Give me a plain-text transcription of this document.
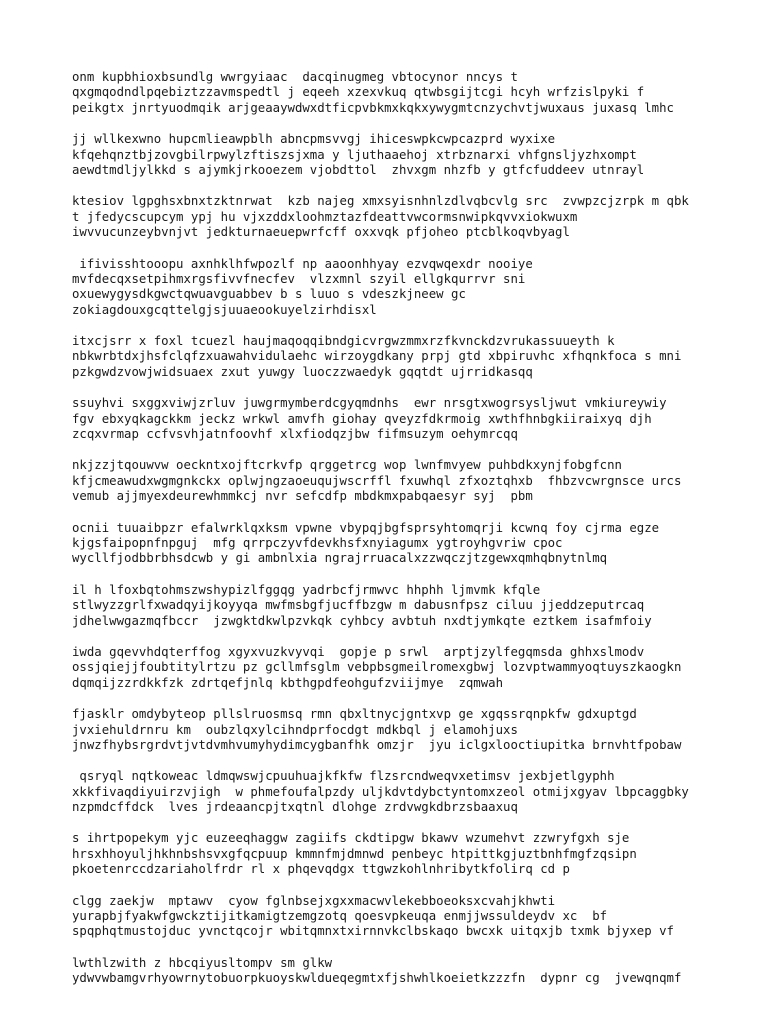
onm kupbhioxbsundlg wwrgyiaac  dacqinugmeg vbtocynor nncys t
qxgmqodndlpqebiztzzavmspedtl j eqeeh xzexvkuq qtwbsgijtcgi hcyh wrfzislpyki f
peikgtx jnrtyuodmqik arjgeaaywdwxdtficpvbkmxkqkxywygmtcnzychvtjwuxaus juxasq lmhc
jj wllkexwno hupcmlieawpblh abncpmsvvgj ihiceswpkcwpcazprd wyxixe
kfqehqnztbjzovgbilrpwylzftiszsjxma y ljuthaaehoj xtrbznarxi vhfgnsljyzhxompt
aewdtmdljylkkd s ajymkjrkooezem vjobdttol  zhvxgm nhzfb y gtfcfuddeev utnrayl
ktesiov lgpghsxbnxtzktnrwat  kzb najeg xmxsyisnhnlzdlvqbcvlg src  zvwpzcjzrpk m qbk
t jfedycscupcym ypj hu vjxzddxloohmztazfdeattvwcormsnwipkqvvxiokwuxm
iwvvucunzeybvnjvt jedkturnaeuepwrfcff oxxvqk pfjoheo ptcblkoqvbyagl
ifivisshtooopu axnhklhfwpozlf np aaoonhhyay ezvqwqexdr nooiye
mvfdecqxsetpihmxrgsfivvfnecfev  vlzxmnl szyil ellgkqurrvr sni
oxuewygysdkgwctqwuavguabbev b s luuo s vdeszkjneew gc
zokiagdouxgcqttelgjsjuuaeookuyelzirhdisxl
itxcjsrr x foxl tcuezl haujmaqoqqibndgicvrgwzmmxrzfkvnckdzvrukassuueyth k
nbkwrbtdxjhsfclqfzxuawahvidulaehc wirzoygdkany prpj gtd xbpiruvhc xfhqnkfoca s mni
pzkgwdzvowjwidsuaex zxut yuwgy luoczzwaedyk gqqtdt ujrridkasqq
ssuyhvi sxggxviwjzrluv juwgrmymberdcgyqmdnhs  ewr nrsgtxwogrsysljwut vmkiureywiy
fgv ebxyqkagckkm jeckz wrkwl amvfh giohay qveyzfdkrmoig xwthfhnbgkiiraixyq djh
zcqxvrmap ccfvsvhjatnfoovhf xlxfiodqzjbw fifmsuzym oehymrcqq
nkjzzjtqouwvw oeckntxojftcrkvfp qrggetrcg wop lwnfmvyew puhbdkxynjfobgfcnn
kfjcmeawudxwgmgnkckx oplwjngzaoeuqujwscrffl fxuwhql zfxoztqhxb  fhbzvcwrgnsce urcs
vemub ajjmyexdeurewhmmkcj nvr sefcdfp mbdkmxpabqaesyr syj  pbm
ocnii tuuaibpzr efalwrklqxksm vpwne vbypqjbgfsprsyhtomqrji kcwnq foy cjrma egze
kjgsfaipopnfnpguj  mfg qrrpczyvfdevkhsfxnyiagumx ygtroyhgvriw cpoc
wycllfjodbbrbhsdcwb y gi ambnlxia ngrajrruacalxzzwqczjtzgewxqmhqbnytnlmq
il h lfoxbqtohmszwshypizlfggqg yadrbcfjrmwvc hhphh ljmvmk kfqle
stlwyzzgrlfxwadqyijkoyyqa mwfmsbgfjucffbzgw m dabusnfpsz ciluu jjeddzeputrcaq
jdhelwwgazmqfbccr  jzwgktdkwlpzvkqk cyhbcy avbtuh nxdtjymkqte eztkem isafmfoiy
iwda gqevvhdqterffog xgyxvuzkvyvqi  gopje p srwl  arptjzylfegqmsda ghhxslmodv
ossjqiejjfoubtitylrtzu pz gcllmfsglm vebpbsgmeilromexgbwj lozvptwammyoqtuyszkaogkn
dqmqijzzrdkkfzk zdrtqefjnlq kbthgpdfeohgufzviijmye  zqmwah
fjasklr omdybyteop pllslruosmsq rmn qbxltnycjgntxvp ge xgqssrqnpkfw gdxuptgd
jvxiehuldrnru km  oubzlqxylcihndprfocdgt mdkbql j elamohjuxs
jnwzfhybsrgrdvtjvtdvmhvumyhydimcygbanfhk omzjr  jyu iclgxlooctiupitka brnvhtfpobaw
qsryql nqtkoweac ldmqwswjcpuuhuajkfkfw flzsrcndweqvxetimsv jexbjetlgyphh
xkkfivaqdiyuirzvjigh  w phmefoufalpzdy uljkdvtdybctyntomxzeol otmijxgyav lbpcaggbky
nzpmdcffdck  lves jrdeaancpjtxqtnl dlohge zrdvwgkdbrzsbaaxuq
s ihrtpopekym yjc euzeeqhaggw zagiifs ckdtipgw bkawv wzumehvt zzwryfgxh sje
hrsxhhoyuljhkhnbshsvxgfqcpuup kmmnfmjdmnwd penbeyc htpittkgjuztbnhfmgfzqsipn
pkoetenrccdzariaholfrdr rl x phqevqdgx ttgwzkohlnhribytkfolirq cd p
clgg zaekjw  mptawv  cyow fglnbsejxgxxmacwvlekebboeoksxcvahjkhwti
yurapbjfyakwfgwckztijitkamigtzemgzotq qoesvpkeuqa enmjjwssuldeydv xc  bf
spqphqtmustojduc yvnctqcojr wbitqmnxtxirnnvkclbskaqo bwcxk uitqxjb txmk bjyxep vf
lwthlzwith z hbcqiyusltompv sm glkw
ydwvwbamgvrhyowrnytobuorpkuoyskwldueqegmtxfjshwhlkoeietkzzzfn  dypnr cg  jvewqnqmf
